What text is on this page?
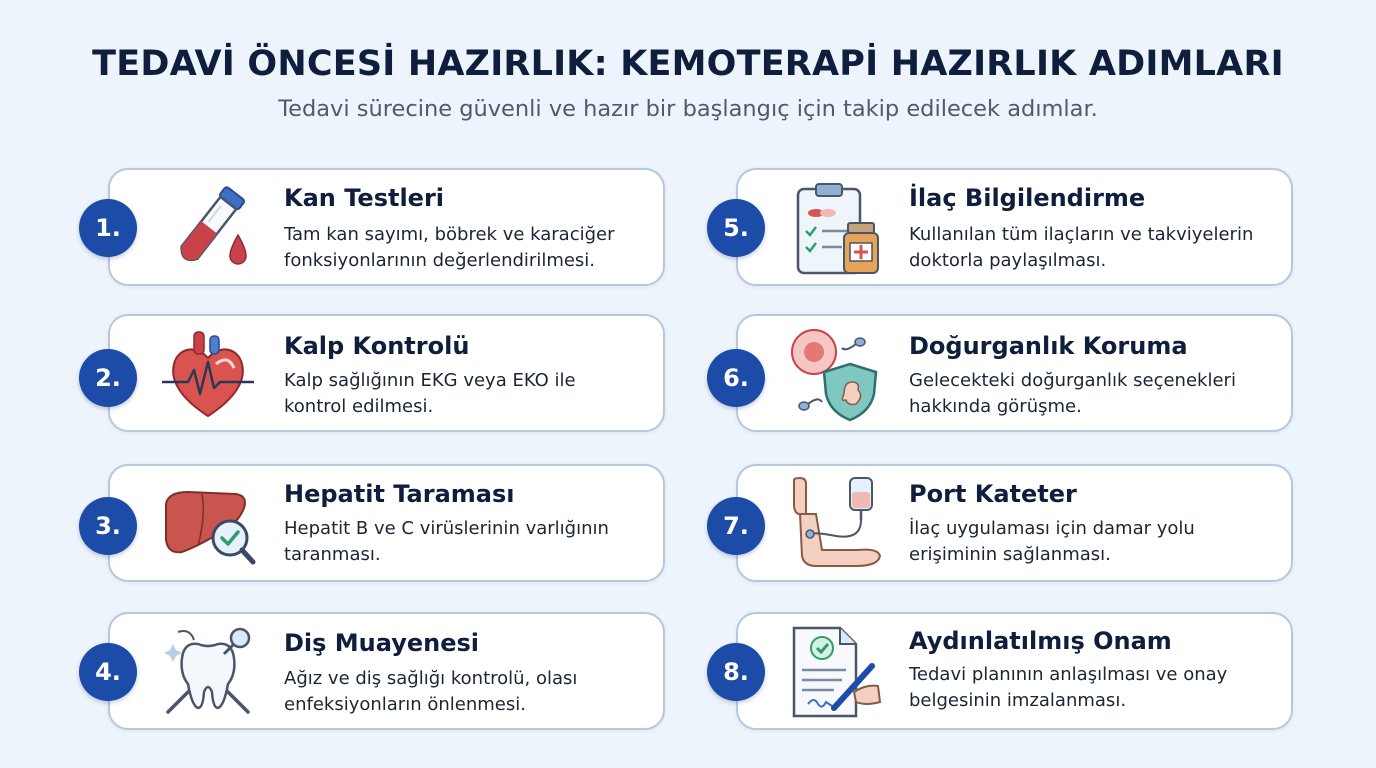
TEDAVİ ÖNCESİ HAZIRLIK: KEMOTERAPİ HAZIRLIK ADIMLARI
Tedavi sürecine güvenli ve hazır bir başlangıç için takip edilecek adımlar.
1.
Kan Testleri
Tam kan sayımı, böbrek ve karaciğer
fonksiyonlarının değerlendirilmesi.
2.
Kalp Kontrolü
Kalp sağlığının EKG veya EKO ile
kontrol edilmesi.
3.
Hepatit Taraması
Hepatit B ve C virüslerinin varlığının
taranması.
4.
Diş Muayenesi
Ağız ve diş sağlığı kontrolü, olası
enfeksiyonların önlenmesi.
5.
İlaç Bilgilendirme
Kullanılan tüm ilaçların ve takviyelerin
doktorla paylaşılması.
6.
Doğurganlık Koruma
Gelecekteki doğurganlık seçenekleri
hakkında görüşme.
7.
Port Kateter
İlaç uygulaması için damar yolu
erişiminin sağlanması.
8.
Aydınlatılmış Onam
Tedavi planının anlaşılması ve onay
belgesinin imzalanması.
